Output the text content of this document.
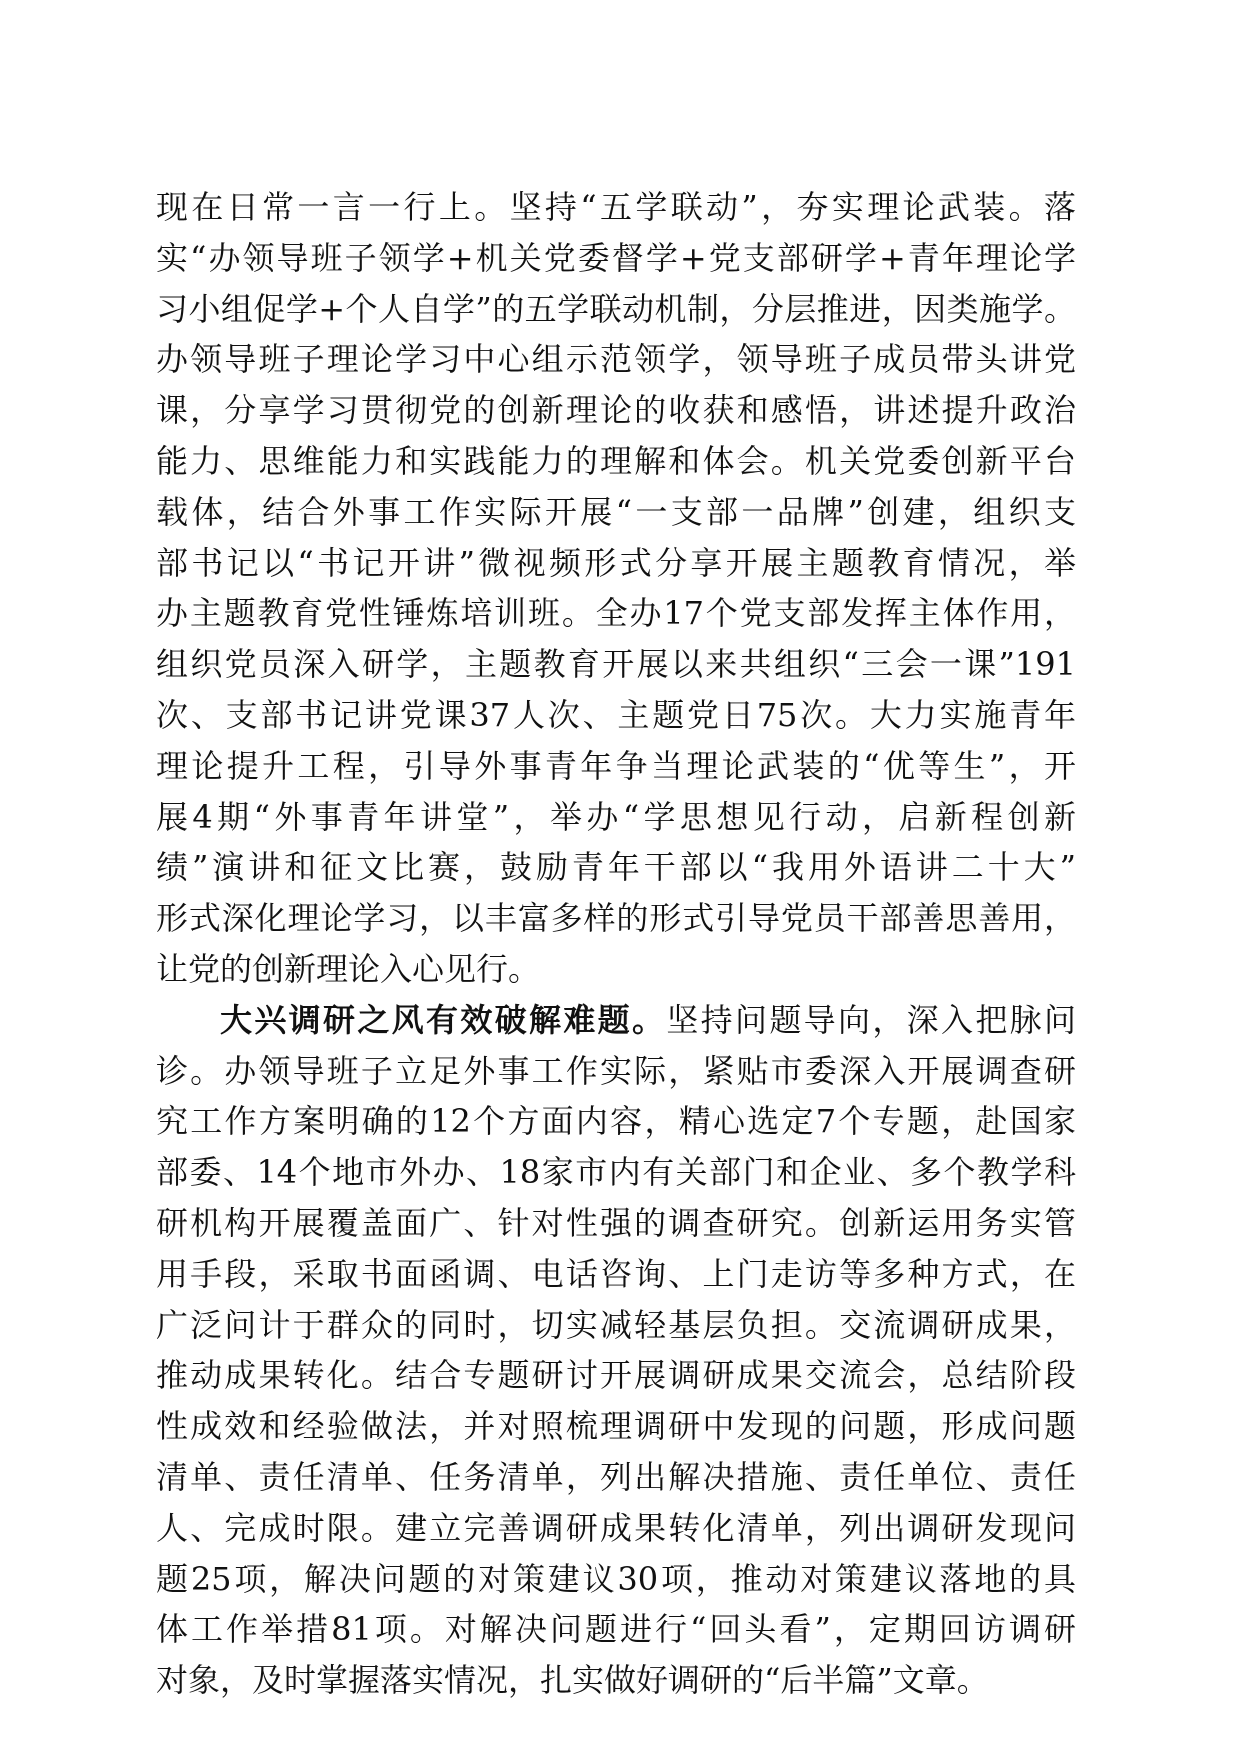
现在日常一言一行上。坚持“五学联动”，夯实理论武装。落
实“办领导班子领学+机关党委督学+党支部研学+青年理论学
习小组促学+个人自学”的五学联动机制，分层推进，因类施学。
办领导班子理论学习中心组示范领学，领导班子成员带头讲党
课，分享学习贯彻党的创新理论的收获和感悟，讲述提升政治
能力、思维能力和实践能力的理解和体会。机关党委创新平台
载体，结合外事工作实际开展“一支部一品牌”创建，组织支
部书记以“书记开讲”微视频形式分享开展主题教育情况，举
办主题教育党性锤炼培训班。全办17个党支部发挥主体作用，
组织党员深入研学，主题教育开展以来共组织“三会一课”191
次、支部书记讲党课37人次、主题党日75次。大力实施青年
理论提升工程，引导外事青年争当理论武装的“优等生”，开
展4期“外事青年讲堂”，举办“学思想见行动，启新程创新
绩”演讲和征文比赛，鼓励青年干部以“我用外语讲二十大”
形式深化理论学习，以丰富多样的形式引导党员干部善思善用，
让党的创新理论入心见行。
大兴调研之风有效破解难题。坚持问题导向，深入把脉问
诊。办领导班子立足外事工作实际，紧贴市委深入开展调查研
究工作方案明确的12个方面内容，精心选定7个专题，赴国家
部委、14个地市外办、18家市内有关部门和企业、多个教学科
研机构开展覆盖面广、针对性强的调查研究。创新运用务实管
用手段，采取书面函调、电话咨询、上门走访等多种方式，在
广泛问计于群众的同时，切实减轻基层负担。交流调研成果，
推动成果转化。结合专题研讨开展调研成果交流会，总结阶段
性成效和经验做法，并对照梳理调研中发现的问题，形成问题
清单、责任清单、任务清单，列出解决措施、责任单位、责任
人、完成时限。建立完善调研成果转化清单，列出调研发现问
题25项，解决问题的对策建议30项，推动对策建议落地的具
体工作举措81项。对解决问题进行“回头看”，定期回访调研
对象，及时掌握落实情况，扎实做好调研的“后半篇”文章。
